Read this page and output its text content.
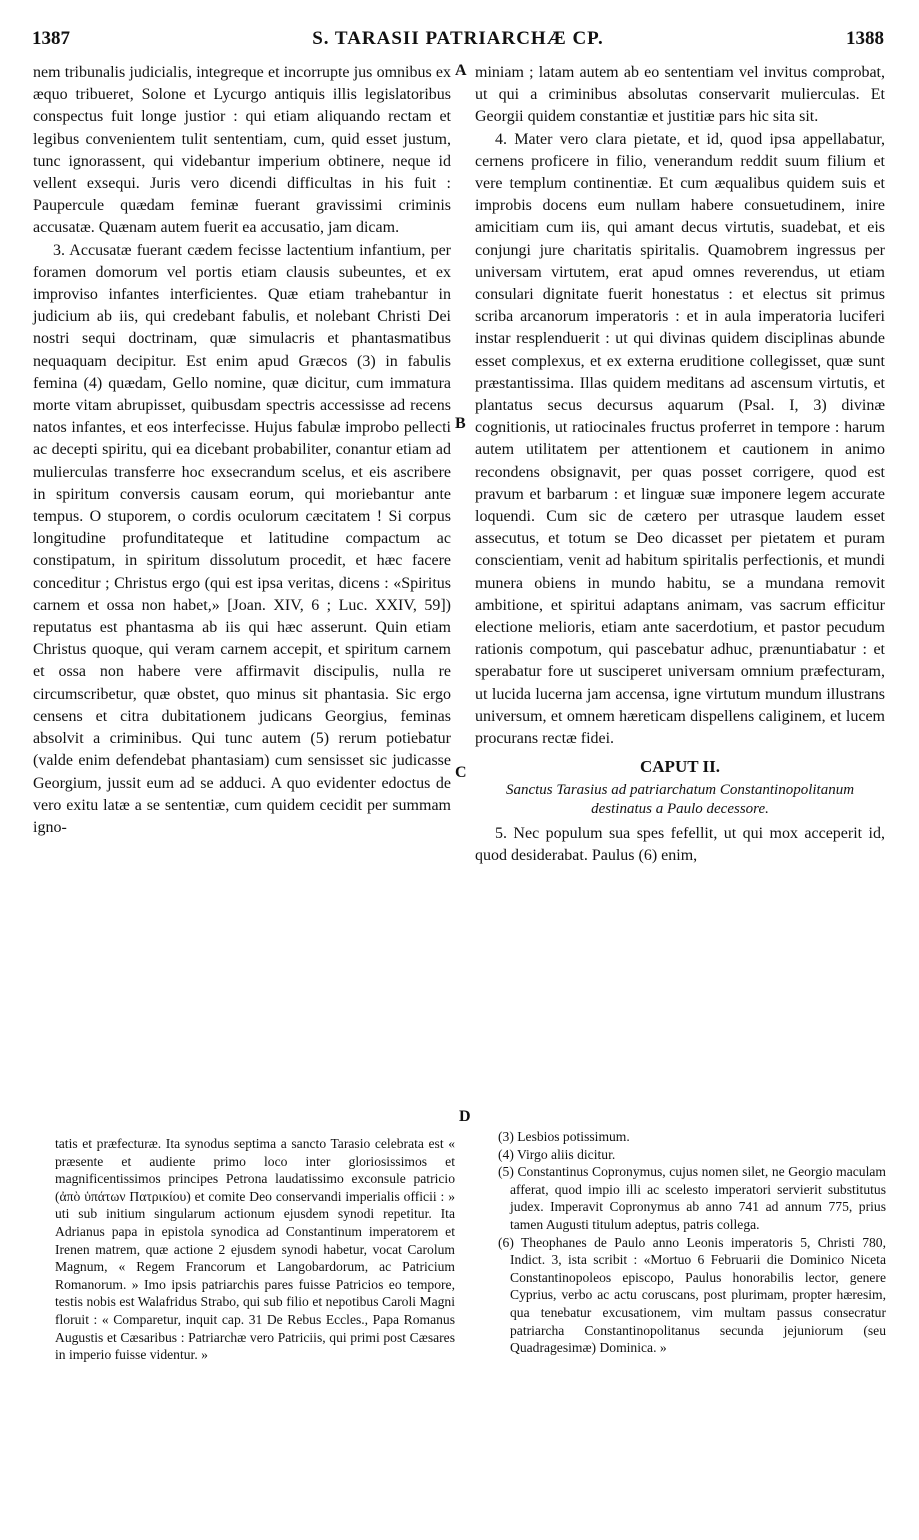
1387	S. TARASII PATRIARCHÆ CP.	1388
A
B
C
D

nem tribunalis judicialis, integreque et incorrupte jus omnibus ex æquo tribueret, Solone et Lycurgo antiquis illis legislatoribus conspectus fuit longe justior : qui etiam aliquando rectam et legibus convenientem tulit sententiam, cum, quid esset justum, tunc ignorassent, qui videbantur imperium obtinere, neque id vellent exsequi. Juris vero dicendi difficultas in his fuit : Paupercule quædam feminæ fuerant gravissimi criminis accusatæ. Quænam autem fuerit ea accusatio, jam dicam.

3. Accusatæ fuerant cædem fecisse lactentium infantium, per foramen domorum vel portis etiam clausis subeuntes, et ex improviso infantes interficientes. Quæ etiam trahebantur in judicium ab iis, qui credebant fabulis, et nolebant Christi Dei nostri sequi doctrinam, quæ simulacris et phantasmatibus nequaquam decipitur. Est enim apud Græcos (3) in fabulis femina (4) quædam, Gello nomine, quæ dicitur, cum immatura morte vitam abrupisset, quibusdam spectris accessisse ad recens natos infantes, et eos interfecisse. Hujus fabulæ improbo pellecti ac decepti spiritu, qui ea dicebant probabiliter, conantur etiam ad mulierculas transferre hoc exsecrandum scelus, et eis ascribere in spiritum conversis causam eorum, qui moriebantur ante tempus. O stuporem, o cordis oculorum cæcitatem ! Si corpus longitudine profunditateque et latitudine compactum ac constipatum, in spiritum dissolutum procedit, et hæc facere conceditur ; Christus ergo (qui est ipsa veritas, dicens : «Spiritus carnem et ossa non habet,» [Joan. XIV, 6 ; Luc. XXIV, 59]) reputatus est phantasma ab iis qui hæc asserunt. Quin etiam Christus quoque, qui veram carnem accepit, et spiritum carnem et ossa non habere vere affirmavit discipulis, nulla re circumscribetur, quæ obstet, quo minus sit phantasia. Sic ergo censens et citra dubitationem judicans Georgius, feminas absolvit a criminibus. Qui tunc autem (5) rerum potiebatur (valde enim defendebat phantasiam) cum sensisset sic judicasse Georgium, jussit eum ad se adduci. A quo evidenter edoctus de vero exitu latæ a se sententiæ, cum quidem cecidit per summam igno-

miniam ; latam autem ab eo sententiam vel invitus comprobat, ut qui a criminibus absolutas conservarit mulierculas. Et Georgii quidem constantiæ et justitiæ pars hic sita sit.

4. Mater vero clara pietate, et id, quod ipsa appellabatur, cernens proficere in filio, venerandum reddit suum filium et vere templum continentiæ. Et cum æqualibus quidem suis et improbis docens eum nullam habere consuetudinem, inire amicitiam cum iis, qui amant decus virtutis, suadebat, et eis conjungi jure charitatis spiritalis. Quamobrem ingressus per universam virtutem, erat apud omnes reverendus, ut etiam consulari dignitate fuerit honestatus : et electus sit primus scriba arcanorum imperatoris : et in aula imperatoria luciferi instar resplenduerit : ut qui divinas quidem disciplinas abunde esset complexus, et ex externa eruditione collegisset, quæ sunt præstantissima. Illas quidem meditans ad ascensum virtutis, et plantatus secus decursus aquarum (Psal. I, 3) divinæ cognitionis, ut ratiocinales fructus proferret in tempore : harum autem utilitatem per attentionem et cautionem in animo recondens obsignavit, per quas posset corrigere, quod est pravum et barbarum : et linguæ suæ imponere legem accurate loquendi. Cum sic de cætero per utrasque laudem esset assecutus, et totum se Deo dicasset per pietatem et puram conscientiam, venit ad habitum spiritalis perfectionis, et mundi munera obiens in mundo habitu, se a mundana removit ambitione, et spiritui adaptans animam, vas sacrum efficitur electione melioris, etiam ante sacerdotium, et pastor pecudum rationis compotum, qui pascebatur adhuc, prænuntiabatur : et sperabatur fore ut susciperet universam omnium præfecturam, ut lucida lucerna jam accensa, igne virtutum mundum illustrans universum, et omnem hæreticam dispellens caliginem, et lucem procurans rectæ fidei.

CAPUT II.
Sanctus Tarasius ad patriarchatum Constantinopolitanum destinatus a Paulo decessore.

5. Nec populum sua spes fefellit, ut qui mox acceperit id, quod desiderabat. Paulus (6) enim,

tatis et præfecturæ. Ita synodus septima a sancto Tarasio celebrata est « præsente et audiente primo loco inter gloriosissimos et magnificentissimos principes Petrona laudatissimo exconsule patricio (ἀπὸ ὑπάτων Πατρικίου) et comite Deo conservandi imperialis officii : » uti sub initium singularum actionum ejusdem synodi repetitur. Ita Adrianus papa in epistola synodica ad Constantinum imperatorem et Irenen matrem, quæ actione 2 ejusdem synodi habetur, vocat Carolum Magnum, « Regem Francorum et Langobardorum, ac Patricium Romanorum. » Imo ipsis patriarchis pares fuisse Patricios eo tempore, testis nobis est Walafridus Strabo, qui sub filio et nepotibus Caroli Magni floruit : « Comparetur, inquit cap. 31 De Rebus Eccles., Papa Romanus Augustis et Cæsaribus : Patriarchæ vero Patriciis, qui primi post Cæsares in imperio fuisse videntur. »

(3) Lesbios potissimum.

(4) Virgo aliis dicitur.

(5) Constantinus Copronymus, cujus nomen silet, ne Georgio maculam afferat, quod impio illi ac scelesto imperatori servierit substitutus judex. Imperavit Copronymus ab anno 741 ad annum 775, prius tamen Augusti titulum adeptus, patris collega.

(6) Theophanes de Paulo anno Leonis imperatoris 5, Christi 780, Indict. 3, ista scribit : «Mortuo 6 Februarii die Dominico Niceta Constantinopoleos episcopo, Paulus honorabilis lector, genere Cyprius, verbo ac actu coruscans, post plurimam, propter hæresim, qua tenebatur excusationem, vim multam passus consecratur patriarcha Constantinopolitanus secunda jejuniorum (seu Quadragesimæ) Dominica. »
